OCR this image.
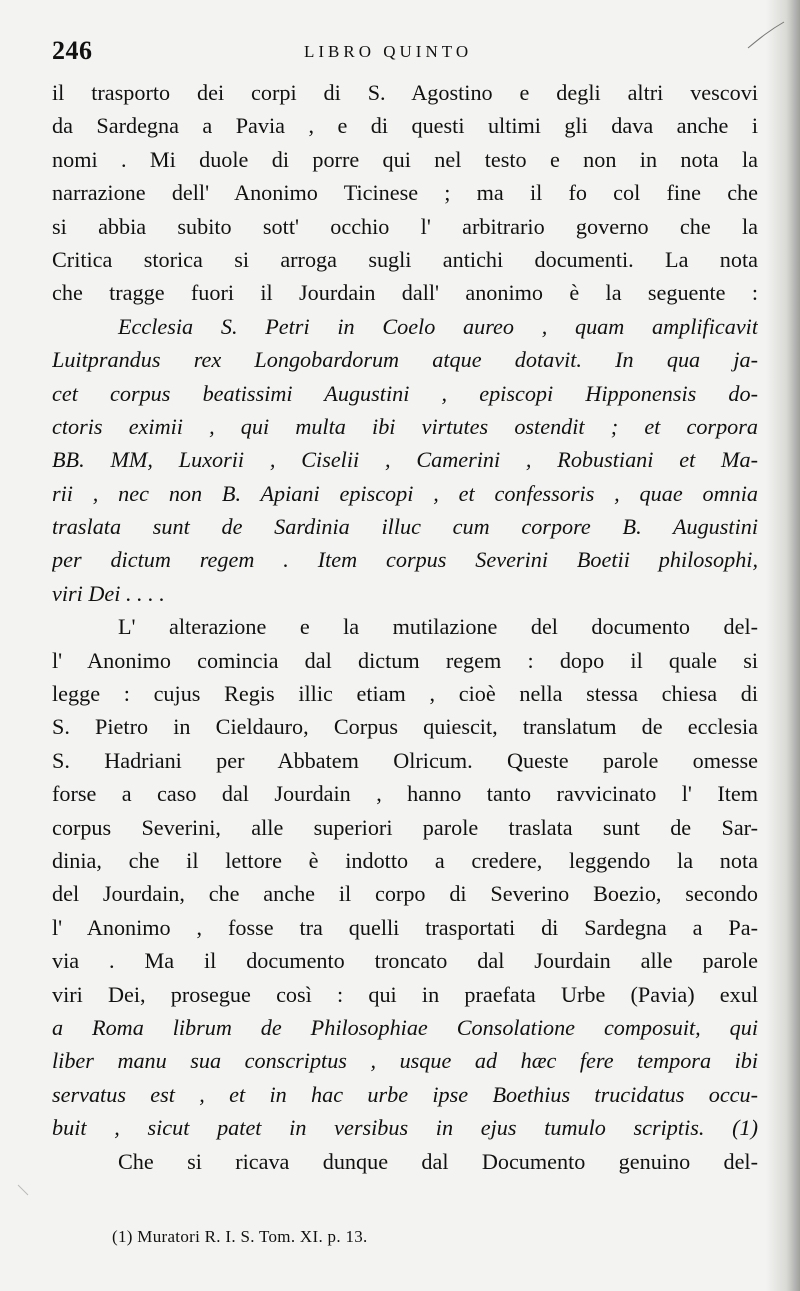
246	LIBRO QUINTO
il trasporto dei corpi di S. Agostino e degli altri vescovi
da Sardegna a Pavia , e di questi ultimi gli dava anche i
nomi . Mi duole di porre qui nel testo e non in nota la
narrazione dell' Anonimo Ticinese ; ma il fo col fine che
si abbia subito sott' occhio l' arbitrario governo che la
Critica storica si arroga sugli antichi documenti. La nota
che tragge fuori il Jourdain dall' anonimo è la seguente :
Ecclesia S. Petri in Coelo aureo , quam amplificavit
Luitprandus rex Longobardorum atque dotavit. In qua ja-
cet corpus beatissimi Augustini , episcopi Hipponensis do-
ctoris eximii , qui multa ibi virtutes ostendit ; et corpora
BB. MM, Luxorii , Ciselii , Camerini , Robustiani et Ma-
rii , nec non B. Apiani episcopi , et confessoris , quae omnia
traslata sunt de Sardinia illuc cum corpore B. Augustini
per dictum regem . Item corpus Severini Boetii philosophi,
viri Dei . . . .
L' alterazione e la mutilazione del documento del-
l' Anonimo comincia dal dictum regem : dopo il quale si
legge : cujus Regis illic etiam , cioè nella stessa chiesa di
S. Pietro in Cieldauro, Corpus quiescit, translatum de ecclesia
S. Hadriani per Abbatem Olricum. Queste parole omesse
forse a caso dal Jourdain , hanno tanto ravvicinato l' Item
corpus Severini, alle superiori parole traslata sunt de Sar-
dinia, che il lettore è indotto a credere, leggendo la nota
del Jourdain, che anche il corpo di Severino Boezio, secondo
l' Anonimo , fosse tra quelli trasportati di Sardegna a Pa-
via . Ma il documento troncato dal Jourdain alle parole
viri Dei, prosegue così : qui in praefata Urbe (Pavia) exul
a Roma librum de Philosophiae Consolatione composuit, qui
liber manu sua conscriptus , usque ad hæc fere tempora ibi
servatus est , et in hac urbe ipse Boethius trucidatus occu-
buit , sicut patet in versibus in ejus tumulo scriptis. (1)
Che si ricava dunque dal Documento genuino del-
(1) Muratori R. I. S. Tom. XI. p. 13.
